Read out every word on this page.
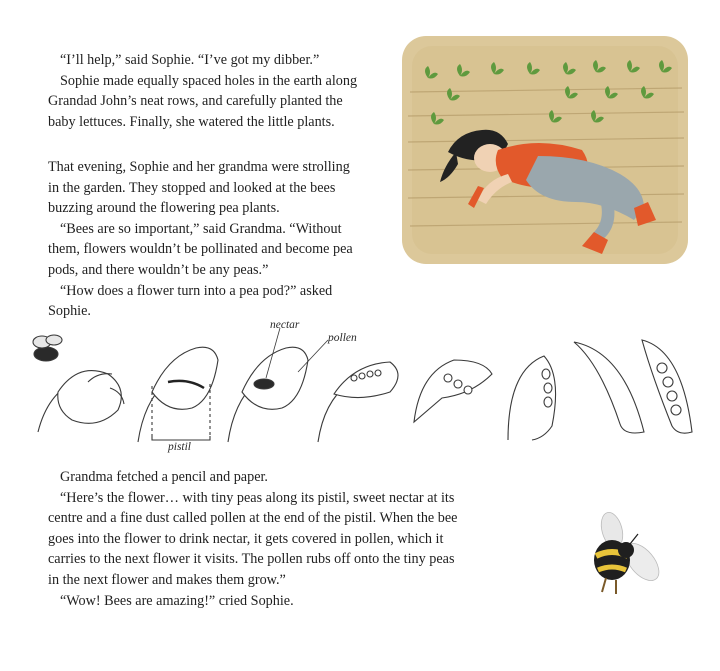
“I’ll help,” said Sophie. “I’ve got my dibber.”
Sophie made equally spaced holes in the earth along
Grandad John’s neat rows, and carefully planted the
baby lettuces. Finally, she watered the little plants.
That evening, Sophie and her grandma were strolling
in the garden. They stopped and looked at the bees
buzzing around the flowering pea plants.
“Bees are so important,” said Grandma. “Without
them, flowers wouldn’t be pollinated and become pea
pods, and there wouldn’t be any peas.”
“How does a flower turn into a pea pod?” asked
Sophie.
nectar
pollen
pistil
Grandma fetched a pencil and paper.
“Here’s the flower… with tiny peas along its pistil, sweet nectar at its
centre and a fine dust called pollen at the end of the pistil. When the bee
goes into the flower to drink nectar, it gets covered in pollen, which it
carries to the next flower it visits. The pollen rubs off onto the tiny peas
in the next flower and makes them grow.”
“Wow! Bees are amazing!” cried Sophie.
